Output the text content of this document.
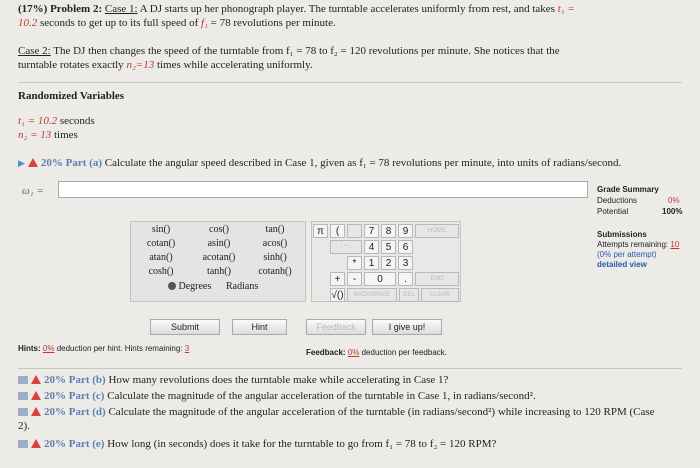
(17%) Problem 2: Case 1: A DJ starts up her phonograph player. The turntable accelerates uniformly from rest, and takes t₁ =
10.2 seconds to get up to its full speed of f₁ = 78 revolutions per minute.
Case 2: The DJ then changes the speed of the turntable from f₁ = 78 to f₂ = 120 revolutions per minute. She notices that the
turntable rotates exactly n₂=13 times while accelerating uniformly.
Randomized Variables
t₁ = 10.2 seconds
n₂ = 13 times
▶ 20% Part (a) Calculate the angular speed described in Case 1, given as f₁ = 78 revolutions per minute, into units of radians/second.
ω₁ =	Grade Summary
Deductions	0%
Potential	100%
Submissions
Attempts remaining: 10
(0% per attempt)
detailed view
sin()	cos()	tan()
cotan()	asin()	acos()
atan()	acotan()	sinh()
cosh()	tanh()	cotanh()
Degrees Radians
π	(	7	8	9	HOME
↑ ^ ↓	4	5	6
*	1	2	3
+	-	0	.	END
√()	BACKSPACE	DEL	CLEAR
Submit	Hint	Feedback	I give up!
Hints: 0% deduction per hint. Hints remaining: 3	Feedback: 0% deduction per feedback.
20% Part (b) How many revolutions does the turntable make while accelerating in Case 1?
20% Part (c) Calculate the magnitude of the angular acceleration of the turntable in Case 1, in radians/second².
20% Part (d) Calculate the magnitude of the angular acceleration of the turntable (in radians/second²) while increasing to 120 RPM (Case
2).
20% Part (e) How long (in seconds) does it take for the turntable to go from f₁ = 78 to f₂ = 120 RPM?
